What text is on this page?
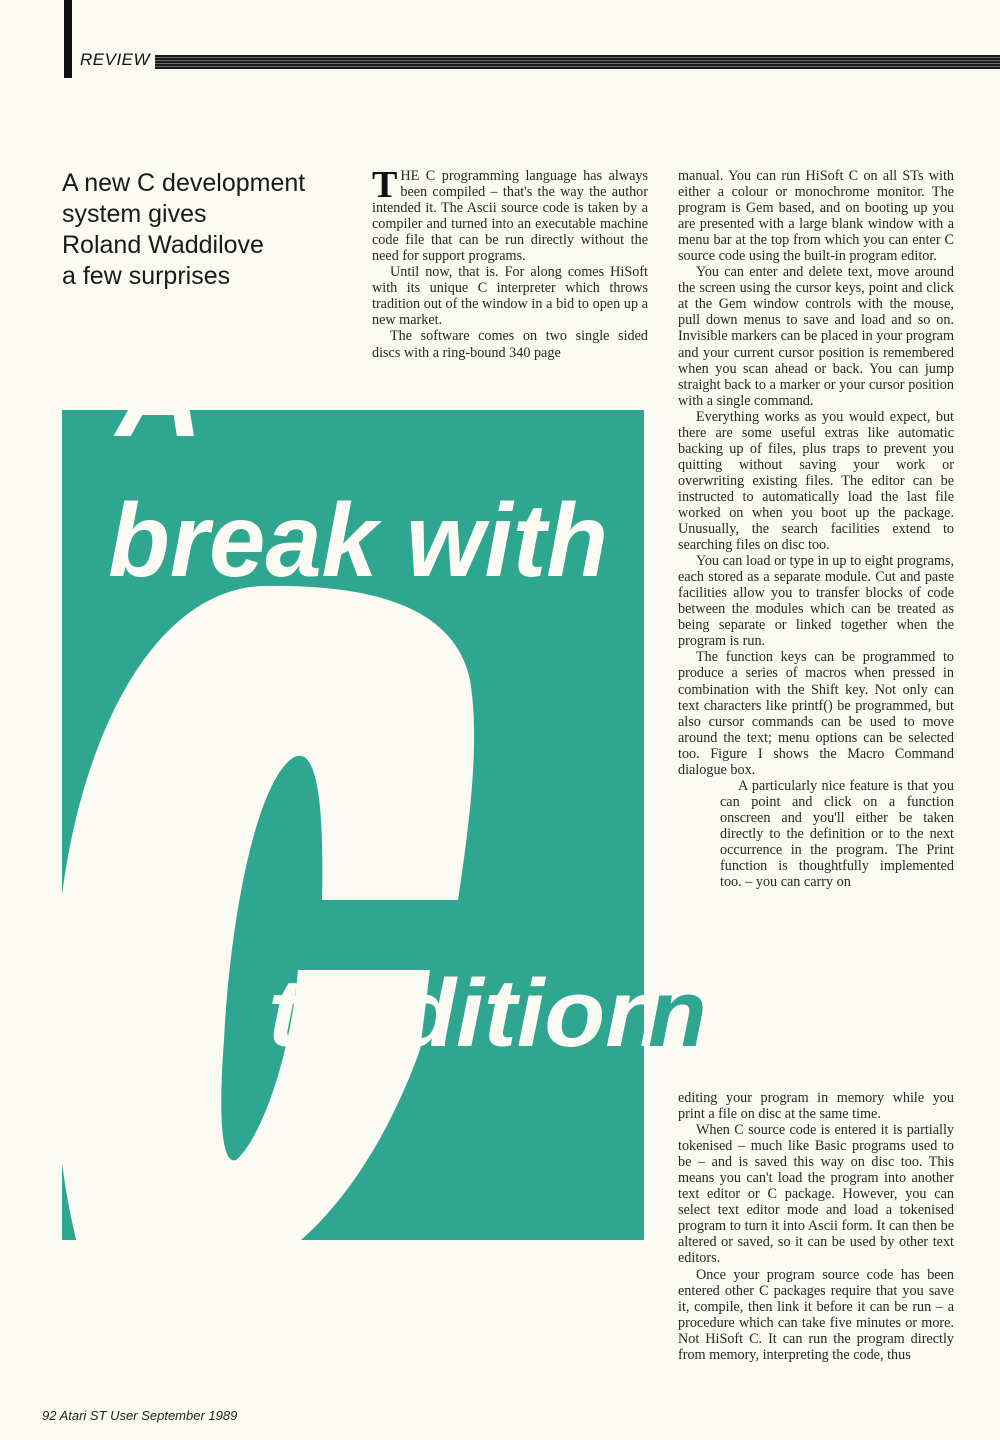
REVIEW
A new C development
system gives
Roland Waddilove
a few surprises
A
break with
tradition
n

THE C programming language has always been compiled – that's the way the author intended it. The Ascii source code is taken by a compiler and turned into an executable machine code file that can be run directly without the need for support programs.

Until now, that is. For along comes HiSoft with its unique C interpreter which throws tradition out of the window in a bid to open up a new market.

The software comes on two single sided discs with a ring-bound 340 page

manual. You can run HiSoft C on all STs with either a colour or monochrome monitor. The program is Gem based, and on booting up you are presented with a large blank window with a menu bar at the top from which you can enter C source code using the built-in program editor.

You can enter and delete text, move around the screen using the cursor keys, point and click at the Gem window controls with the mouse, pull down menus to save and load and so on. Invisible markers can be placed in your program and your current cursor position is remembered when you scan ahead or back. You can jump straight back to a marker or your cursor position with a single command.

Everything works as you would expect, but there are some useful extras like automatic backing up of files, plus traps to prevent you quitting without saving your work or overwriting existing files. The editor can be instructed to automatically load the last file worked on when you boot up the package. Unusually, the search facilities extend to searching files on disc too.

You can load or type in up to eight programs, each stored as a separate module. Cut and paste facilities allow you to transfer blocks of code between the modules which can be treated as being separate or linked together when the program is run.

The function keys can be programmed to produce a series of macros when pressed in combination with the Shift key. Not only can text characters like printf() be programmed, but also cursor commands can be used to move around the text; menu options can be selected too. Figure I shows the Macro Command dialogue box.

A particularly nice feature is that you can point and click on a function onscreen and you'll either be taken directly to the definition or to the next occurrence in the program. The Print function is thoughtfully implemented too. – you can carry on

editing your program in memory while you print a file on disc at the same time.

When C source code is entered it is partially tokenised – much like Basic programs used to be – and is saved this way on disc too. This means you can't load the program into another text editor or C package. However, you can select text editor mode and load a tokenised program to turn it into Ascii form. It can then be altered or saved, so it can be used by other text editors.

Once your program source code has been entered other C packages require that you save it, compile, then link it before it can be run – a procedure which can take five minutes or more. Not HiSoft C. It can run the program directly from memory, interpreting the code, thus

92 Atari ST User September 1989
